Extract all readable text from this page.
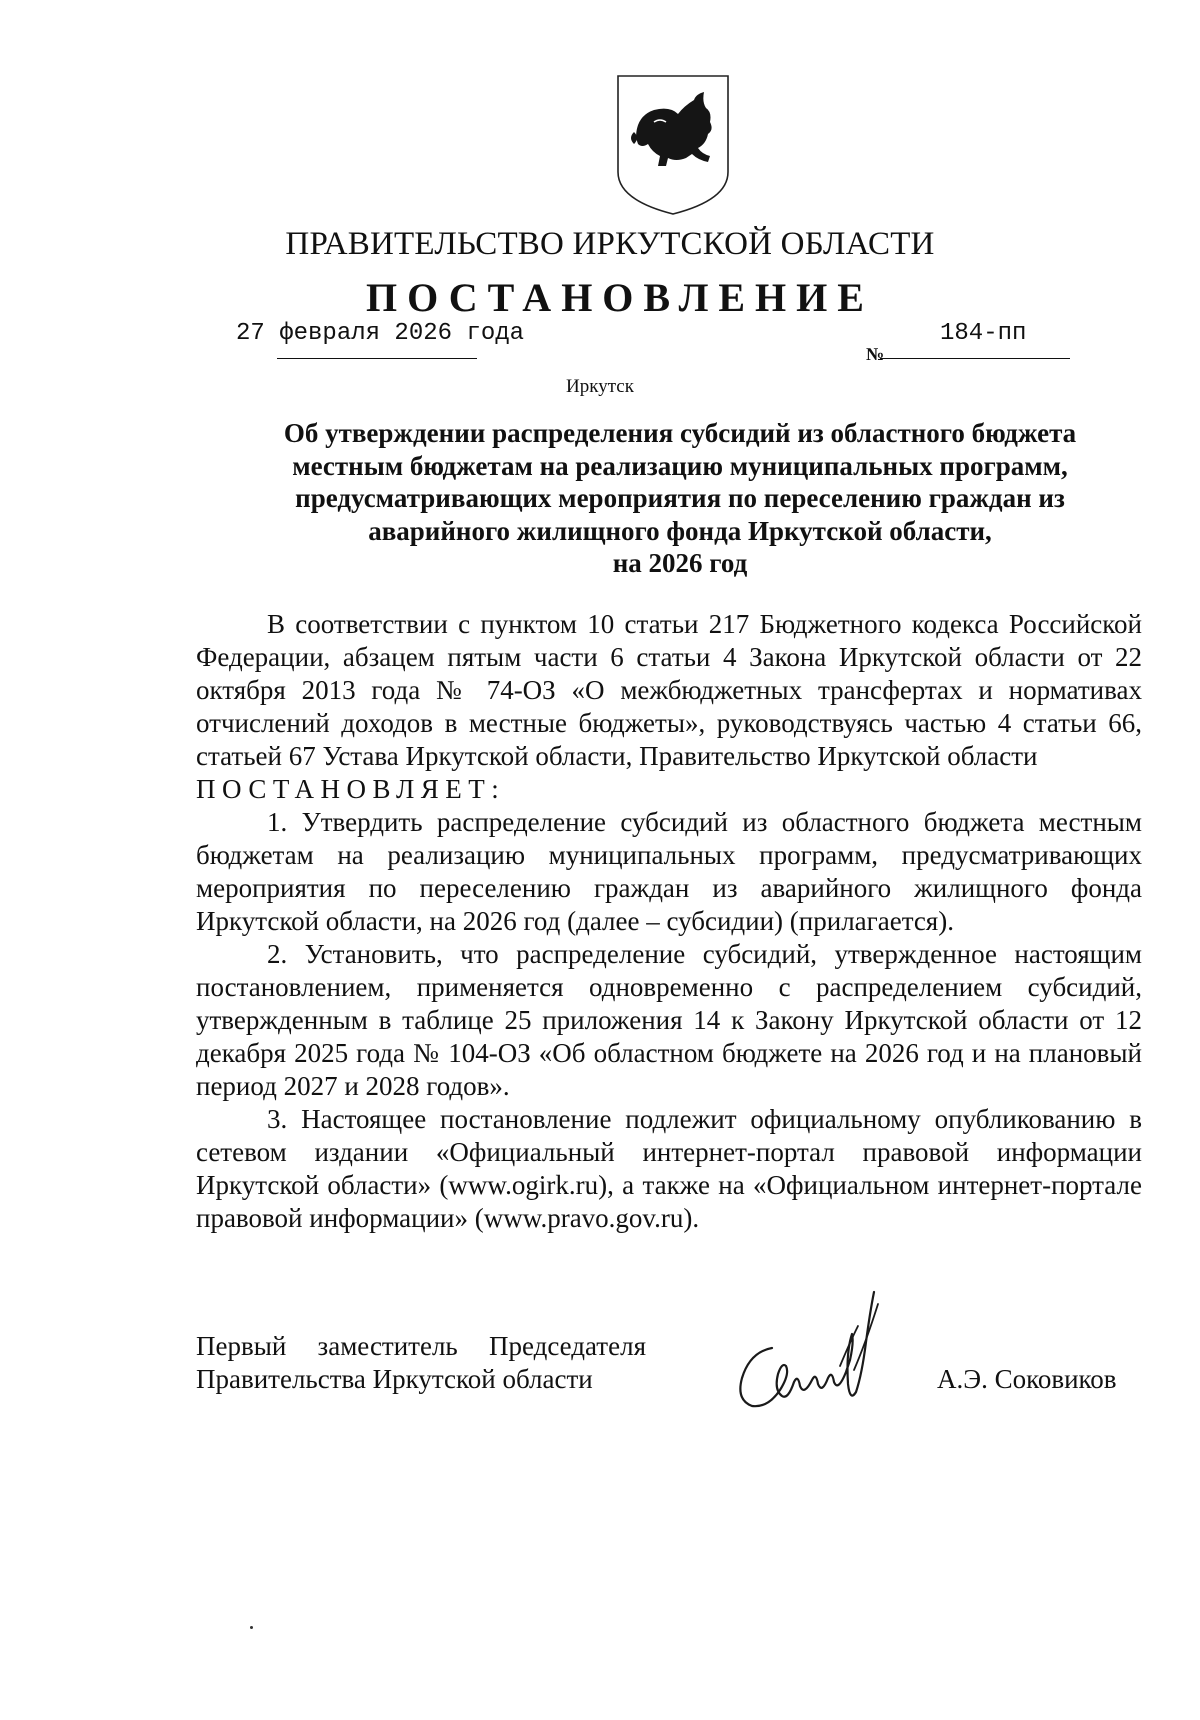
ПРАВИТЕЛЬСТВО ИРКУТСКОЙ ОБЛАСТИ
ПОСТАНОВЛЕНИЕ
27 февраля 2026 года
№
184-пп
Иркутск
Об утверждении распределения субсидий из областного бюджета
местным бюджетам на реализацию муниципальных программ,
предусматривающих мероприятия по переселению граждан из
аварийного жилищного фонда Иркутской области,
на 2026 год

В соответствии с пунктом 10 статьи 217 Бюджетного кодекса Российской Федерации, абзацем пятым части 6 статьи 4 Закона Иркутской области от 22 октября 2013 года № 74-ОЗ «О межбюджетных трансфертах и нормативах отчислений доходов в местные бюджеты», руководствуясь частью 4 статьи 66, статьей 67 Устава Иркутской области, Правительство Иркутской области

ПОСТАНОВЛЯЕТ:

1. Утвердить распределение субсидий из областного бюджета местным бюджетам на реализацию муниципальных программ, предусматривающих мероприятия по переселению граждан из аварийного жилищного фонда Иркутской области, на 2026 год (далее – субсидии) (прилагается).

2. Установить, что распределение субсидий, утвержденное настоящим постановлением, применяется одновременно с распределением субсидий, утвержденным в таблице 25 приложения 14 к Закону Иркутской области от 12 декабря 2025 года № 104-ОЗ «Об областном бюджете на 2026 год и на плановый период 2027 и 2028 годов».

3. Настоящее постановление подлежит официальному опубликованию в сетевом издании «Официальный интернет-портал правовой информации Иркутской области» (www.ogirk.ru), а также на «Официальном интернет-портале правовой информации» (www.pravo.gov.ru).

Первый заместитель Председателя
Правительства Иркутской области	А.Э. Соковиков
